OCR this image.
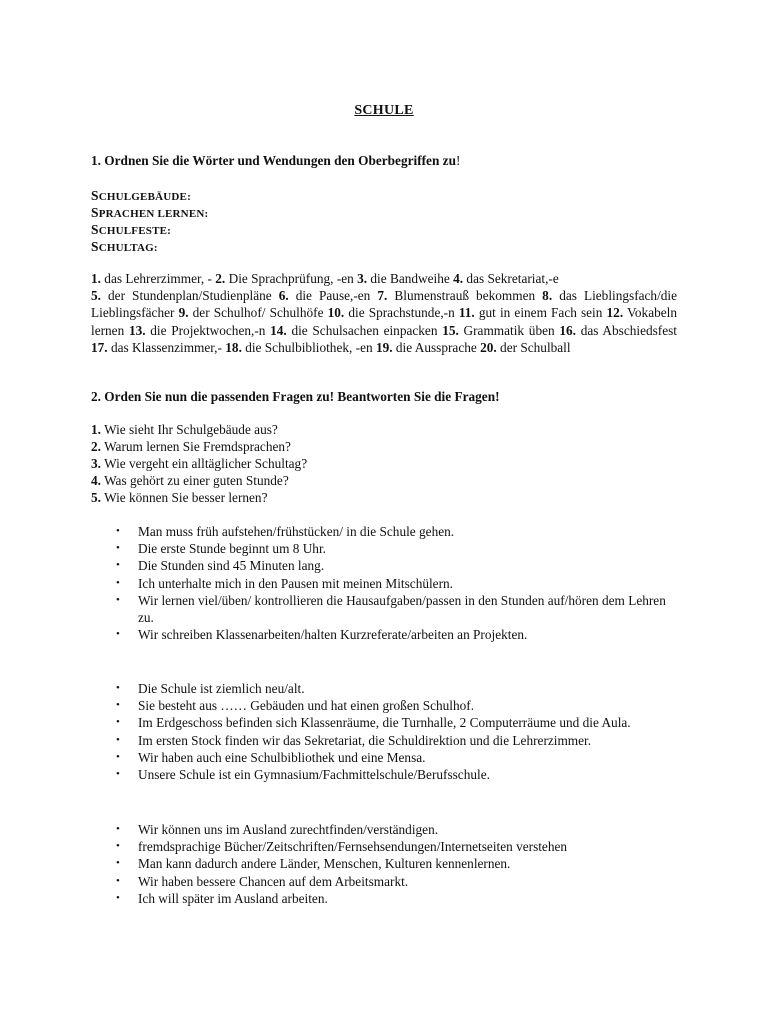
SCHULE
1. Ordnen Sie die Wörter und Wendungen den Oberbegriffen zu!
SCHULGEBÄUDE:
SPRACHEN LERNEN:
SCHULFESTE:
SCHULTAG:
1. das Lehrerzimmer, - 2. Die Sprachprüfung, -en 3. die Bandweihe 4. das Sekretariat,-e
5. der Stundenplan/Studienpläne 6. die Pause,-en 7. Blumenstrauß bekommen 8. das Lieblingsfach/die Lieblingsfächer 9. der Schulhof/ Schulhöfe 10. die Sprachstunde,-n 11. gut in einem Fach sein 12. Vokabeln lernen 13. die Projektwochen,-n 14. die Schulsachen einpacken 15. Grammatik üben 16. das Abschiedsfest 17. das Klassenzimmer,- 18. die Schulbibliothek, -en 19. die Aussprache 20. der Schulball
2. Orden Sie nun die passenden Fragen zu! Beantworten Sie die Fragen!
1. Wie sieht Ihr Schulgebäude aus?
2. Warum lernen Sie Fremdsprachen?
3. Wie vergeht ein alltäglicher Schultag?
4. Was gehört zu einer guten Stunde?
5. Wie können Sie besser lernen?
• Man muss früh aufstehen/frühstücken/ in die Schule gehen.
• Die erste Stunde beginnt um 8 Uhr.
• Die Stunden sind 45 Minuten lang.
• Ich unterhalte mich in den Pausen mit meinen Mitschülern.
• Wir lernen viel/üben/ kontrollieren die Hausaufgaben/passen in den Stunden auf/hören dem Lehren zu.
• Wir schreiben Klassenarbeiten/halten Kurzreferate/arbeiten an Projekten.
• Die Schule ist ziemlich neu/alt.
• Sie besteht aus …… Gebäuden und hat einen großen Schulhof.
• Im Erdgeschoss befinden sich Klassenräume, die Turnhalle, 2 Computerräume und die Aula.
• Im ersten Stock finden wir das Sekretariat, die Schuldirektion und die Lehrerzimmer.
• Wir haben auch eine Schulbibliothek und eine Mensa.
• Unsere Schule ist ein Gymnasium/Fachmittelschule/Berufsschule.
• Wir können uns im Ausland zurechtfinden/verständigen.
• fremdsprachige Bücher/Zeitschriften/Fernsehsendungen/Internetseiten verstehen
• Man kann dadurch andere Länder, Menschen, Kulturen kennenlernen.
• Wir haben bessere Chancen auf dem Arbeitsmarkt.
• Ich will später im Ausland arbeiten.
